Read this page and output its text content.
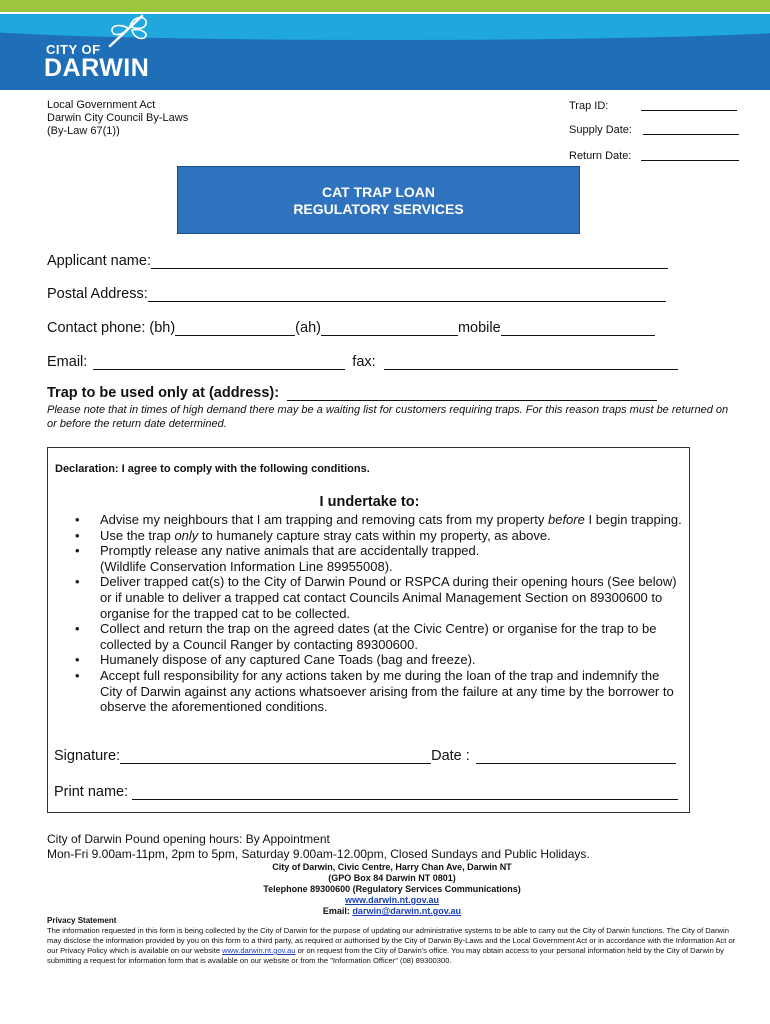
CITY OF
DARWIN
Local Government Act
Darwin City Council By-Laws
(By-Law 67(1))
Trap ID:
Supply Date:
Return Date:
CAT TRAP LOAN
REGULATORY SERVICES
Applicant name:
Postal Address:
Contact phone: (bh)	(ah)	mobile
Email:	fax:
Trap to be used only at (address):
Please note that in times of high demand there may be a waiting list for customers requiring traps. For this reason traps must be returned on or before the return date determined.
Declaration: I agree to comply with the following conditions.
I undertake to:
• Advise my neighbours that I am trapping and removing cats from my property before I begin trapping.
• Use the trap only to humanely capture stray cats within my property, as above.
• Promptly release any native animals that are accidentally trapped.
(Wildlife Conservation Information Line 89955008).
• Deliver trapped cat(s) to the City of Darwin Pound or RSPCA during their opening hours (See below) or if unable to deliver a trapped cat contact Councils Animal Management Section on 89300600 to organise for the trapped cat to be collected.
• Collect and return the trap on the agreed dates (at the Civic Centre) or organise for the trap to be collected by a Council Ranger by contacting 89300600.
• Humanely dispose of any captured Cane Toads (bag and freeze).
• Accept full responsibility for any actions taken by me during the loan of the trap and indemnify the City of Darwin against any actions whatsoever arising from the failure at any time by the borrower to observe the aforementioned conditions.
Signature:	Date :
Print name:
City of Darwin Pound opening hours: By Appointment
Mon-Fri 9.00am-11pm, 2pm to 5pm, Saturday 9.00am-12.00pm, Closed Sundays and Public Holidays.
City of Darwin, Civic Centre, Harry Chan Ave, Darwin NT
(GPO Box 84 Darwin NT 0801)
Telephone 89300600 (Regulatory Services Communications)
www.darwin.nt.gov.au
Email: darwin@darwin.nt.gov.au
Privacy Statement
The information requested in this form is being collected by the City of Darwin for the purpose of updating our administrative systems to be able to carry out the City of Darwin functions. The City of Darwin may disclose the information provided by you on this form to a third party, as required or authorised by the City of Darwin By-Laws and the Local Government Act or in accordance with the Information Act or our Privacy Policy which is available on our website www.darwin.nt.gov.au or on request from the City of Darwin's office. You may obtain access to your personal information held by the City of Darwin by submitting a request for information form that is available on our website or from the "Information Officer" (08) 89300300.
